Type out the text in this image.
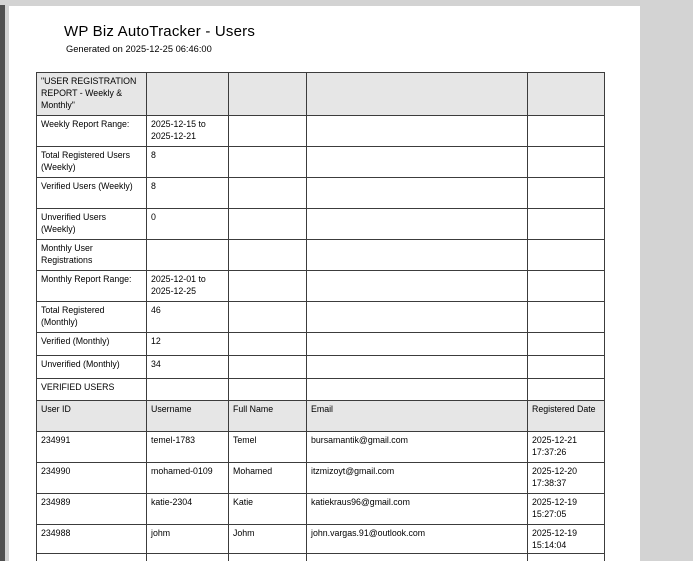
WP Biz AutoTracker - Users
Generated on 2025-12-25 06:46:00
"USER REGISTRATION REPORT - Weekly & Monthly"				
Weekly Report Range:	2025-12-15 to 2025-12-21			
Total Registered Users (Weekly)	8			
Verified Users (Weekly)	8			
Unverified Users (Weekly)	0			
Monthly User Registrations				
Monthly Report Range:	2025-12-01 to 2025-12-25			
Total Registered (Monthly)	46			
Verified (Monthly)	12			
Unverified (Monthly)	34			
VERIFIED USERS				
User ID	Username	Full Name	Email	Registered Date
234991	temel-1783	Temel	bursamantik@gmail.com	2025-12-21 17:37:26
234990	mohamed-0109	Mohamed	itzmizoyt@gmail.com	2025-12-20 17:38:37
234989	katie-2304	Katie	katiekraus96@gmail.com	2025-12-19 15:27:05
234988	johm	Johm	john.vargas.91@outlook.com	2025-12-19 15:14:04
